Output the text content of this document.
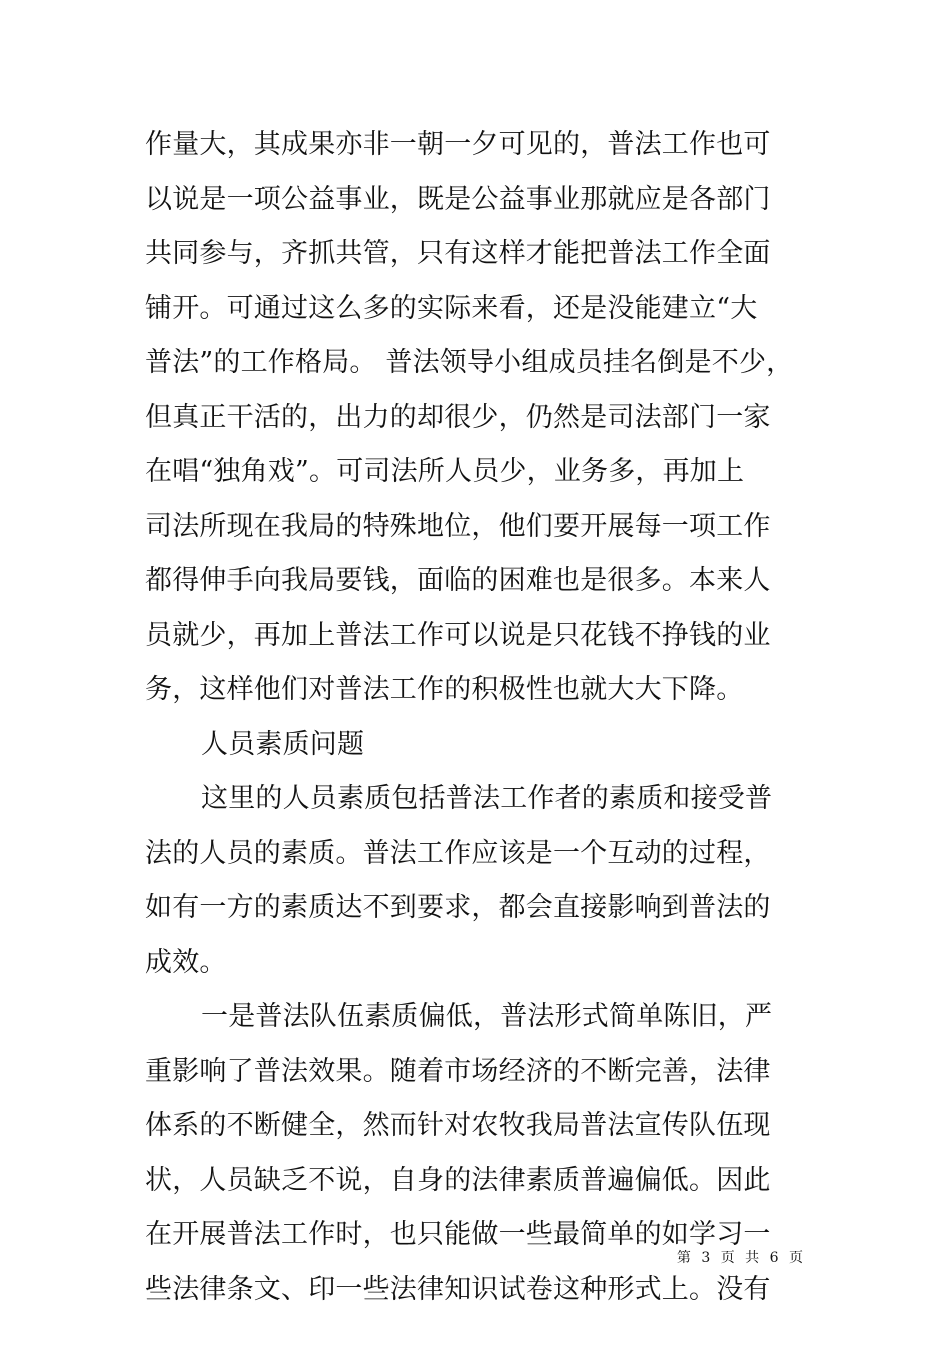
作量大，其成果亦非一朝一夕可见的，普法工作也可
以说是一项公益事业，既是公益事业那就应是各部门
共同参与，齐抓共管，只有这样才能把普法工作全面
铺开。可通过这么多的实际来看，还是没能建立“大
普法”的工作格局。 普法领导小组成员挂名倒是不少，
但真正干活的，出力的却很少，仍然是司法部门一家
在唱“独角戏”。可司法所人员少，业务多，再加上
司法所现在我局的特殊地位，他们要开展每一项工作
都得伸手向我局要钱，面临的困难也是很多。本来人
员就少，再加上普法工作可以说是只花钱不挣钱的业
务，这样他们对普法工作的积极性也就大大下降。
人员素质问题
这里的人员素质包括普法工作者的素质和接受普
法的人员的素质。普法工作应该是一个互动的过程，
如有一方的素质达不到要求，都会直接影响到普法的
成效。
一是普法队伍素质偏低，普法形式简单陈旧，严
重影响了普法效果。随着市场经济的不断完善，法律
体系的不断健全，然而针对农牧我局普法宣传队伍现
状，人员缺乏不说，自身的法律素质普遍偏低。因此
在开展普法工作时，也只能做一些最简单的如学习一
些法律条文、印一些法律知识试卷这种形式上。没有
第 3 页 共 6 页
